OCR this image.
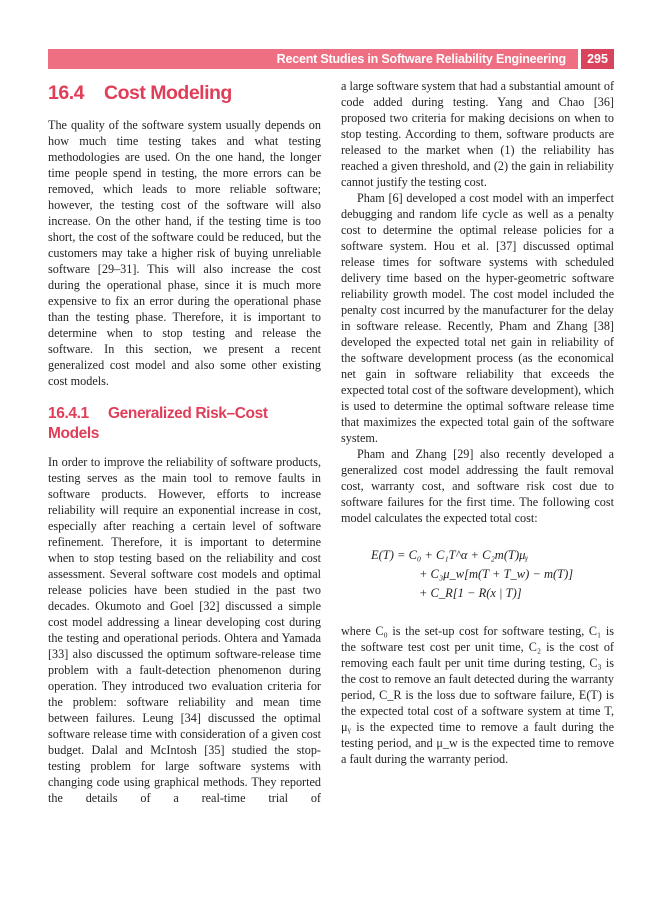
Recent Studies in Software Reliability Engineering	295
16.4 Cost Modeling

The quality of the software system usually depends on how much time testing takes and what testing methodologies are used. On the one hand, the longer time people spend in testing, the more errors can be removed, which leads to more reliable software; however, the testing cost of the software will also increase. On the other hand, if the testing time is too short, the cost of the software could be reduced, but the customers may take a higher risk of buying unreliable software [29–31]. This will also increase the cost during the operational phase, since it is much more expensive to fix an error during the operational phase than the testing phase. Therefore, it is important to determine when to stop testing and release the software. In this section, we present a recent generalized cost model and also some other existing cost models.

16.4.1 Generalized Risk–Cost Models

In order to improve the reliability of software products, testing serves as the main tool to remove faults in software products. However, efforts to increase reliability will require an exponential increase in cost, especially after reaching a certain level of software refinement. Therefore, it is important to determine when to stop testing based on the reliability and cost assessment. Several software cost models and optimal release policies have been studied in the past two decades. Okumoto and Goel [32] discussed a simple cost model addressing a linear developing cost during the testing and operational periods. Ohtera and Yamada [33] also discussed the optimum software-release time problem with a fault-detection phenomenon during operation. They introduced two evaluation criteria for the problem: software reliability and mean time between failures. Leung [34] discussed the optimal software release time with consideration of a given cost budget. Dalal and McIntosh [35] studied the stop-testing problem for large software systems with changing code using graphical methods. They reported the details of a real-time trial of

a large software system that had a substantial amount of code added during testing. Yang and Chao [36] proposed two criteria for making decisions on when to stop testing. According to them, software products are released to the market when (1) the reliability has reached a given threshold, and (2) the gain in reliability cannot justify the testing cost.

Pham [6] developed a cost model with an imperfect debugging and random life cycle as well as a penalty cost to determine the optimal release policies for a software system. Hou et al. [37] discussed optimal release times for software systems with scheduled delivery time based on the hyper-geometric software reliability growth model. The cost model included the penalty cost incurred by the manufacturer for the delay in software release. Recently, Pham and Zhang [38] developed the expected total net gain in reliability of the software development process (as the economical net gain in software reliability that exceeds the expected total cost of the software development), which is used to determine the optimal software release time that maximizes the expected total gain of the software system.

Pham and Zhang [29] also recently developed a generalized cost model addressing the fault removal cost, warranty cost, and software risk cost due to software failures for the first time. The following cost model calculates the expected total cost:

E(T) = C₀ + C₁T^α + C₂m(T)μᵧ
+ C₃μ_w[m(T + T_w) − m(T)]
+ C_R[1 − R(x | T)]

where C₀ is the set-up cost for software testing, C₁ is the software test cost per unit time, C₂ is the cost of removing each fault per unit time during testing, C₃ is the cost to remove an fault detected during the warranty period, C_R is the loss due to software failure, E(T) is the expected total cost of a software system at time T, μᵧ is the expected time to remove a fault during the testing period, and μ_w is the expected time to remove a fault during the warranty period.
